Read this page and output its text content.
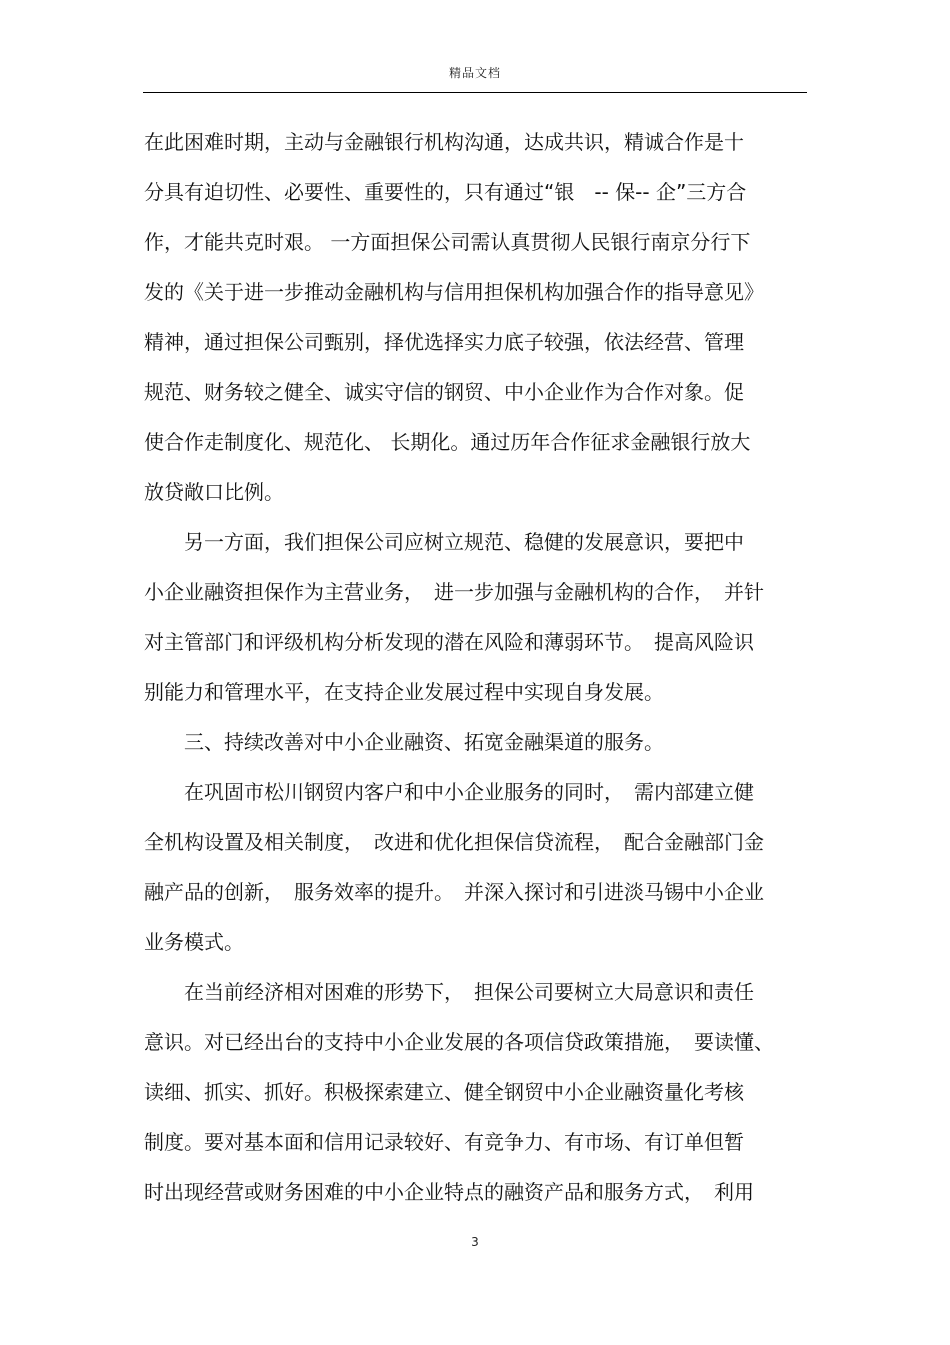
精品文档
在此困难时期，主动与金融银行机构沟通，达成共识，精诚合作是十
分具有迫切性、必要性、重要性的，只有通过“银　-- 保-- 企”三方合
作，才能共克时艰。 一方面担保公司需认真贯彻人民银行南京分行下
发的《关于进一步推动金融机构与信用担保机构加强合作的指导意见》
精神，通过担保公司甄别，择优选择实力底子较强，依法经营、管理
规范、财务较之健全、诚实守信的钢贸、中小企业作为合作对象。促
使合作走制度化、规范化、 长期化。通过历年合作征求金融银行放大
放贷敞口比例。
　　另一方面，我们担保公司应树立规范、稳健的发展意识，要把中
小企业融资担保作为主营业务，　进一步加强与金融机构的合作，　并针
对主管部门和评级机构分析发现的潜在风险和薄弱环节。　提高风险识
别能力和管理水平，在支持企业发展过程中实现自身发展。
　　三、持续改善对中小企业融资、拓宽金融渠道的服务。
　　在巩固市松川钢贸内客户和中小企业服务的同时，　需内部建立健
全机构设置及相关制度，　改进和优化担保信贷流程，　配合金融部门金
融产品的创新，　服务效率的提升。　并深入探讨和引进淡马锡中小企业
业务模式。
　　在当前经济相对困难的形势下，　担保公司要树立大局意识和责任
意识。对已经出台的支持中小企业发展的各项信贷政策措施，　要读懂、
读细、抓实、抓好。积极探索建立、健全钢贸中小企业融资量化考核
制度。要对基本面和信用记录较好、有竞争力、有市场、有订单但暂
时出现经营或财务困难的中小企业特点的融资产品和服务方式，　利用
3
